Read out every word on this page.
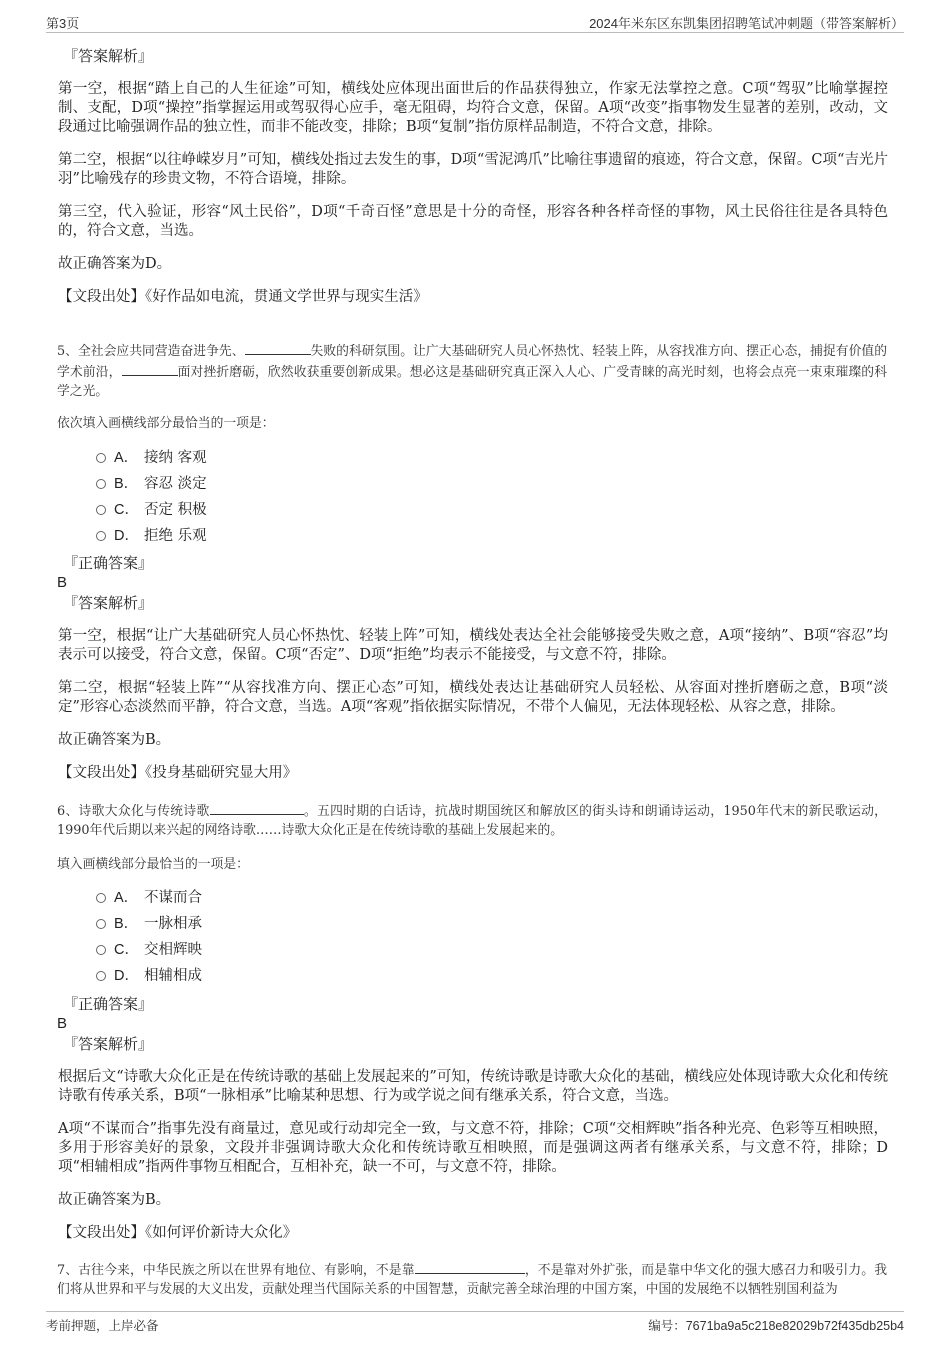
第3页	2024年米东区东凯集团招聘笔试冲刺题（带答案解析）
『答案解析』
第一空，根据“踏上自己的人生征途”可知，横线处应体现出面世后的作品获得独立，作家无法掌控之意。C项“驾驭”比喻掌握控制、支配，D项“操控”指掌握运用或驾驭得心应手，毫无阻碍，均符合文意，保留。A项“改变”指事物发生显著的差别，改动，文段通过比喻强调作品的独立性，而非不能改变，排除；B项“复制”指仿原样品制造，不符合文意，排除。
第二空，根据“以往峥嵘岁月”可知，横线处指过去发生的事，D项“雪泥鸿爪”比喻往事遗留的痕迹，符合文意，保留。C项“吉光片羽”比喻残存的珍贵文物，不符合语境，排除。
第三空，代入验证，形容“风土民俗”，D项“千奇百怪”意思是十分的奇怪，形容各种各样奇怪的事物，风土民俗往往是各具特色的，符合文意，当选。
故正确答案为D。
【文段出处】《好作品如电流，贯通文学世界与现实生活》
5、全社会应共同营造奋进争先、	失败的科研氛围。让广大基础研究人员心怀热忱、轻装上阵，从容找准方向、摆正心态，捕捉有价值的学术前沿，	面对挫折磨砺，欣然收获重要创新成果。想必这是基础研究真正深入人心、广受青睐的高光时刻，也将会点亮一束束璀璨的科学之光。
依次填入画横线部分最恰当的一项是：
A． 接纳 客观
B． 容忍 淡定
C． 否定 积极
D． 拒绝 乐观
『正确答案』
B
『答案解析』
第一空，根据“让广大基础研究人员心怀热忱、轻装上阵”可知，横线处表达全社会能够接受失败之意，A项“接纳”、B项“容忍”均表示可以接受，符合文意，保留。C项“否定”、D项“拒绝”均表示不能接受，与文意不符，排除。
第二空，根据“轻装上阵”“从容找准方向、摆正心态”可知，横线处表达让基础研究人员轻松、从容面对挫折磨砺之意，B项“淡定”形容心态淡然而平静，符合文意，当选。A项“客观”指依据实际情况，不带个人偏见，无法体现轻松、从容之意，排除。
故正确答案为B。
【文段出处】《投身基础研究显大用》
6、诗歌大众化与传统诗歌	。五四时期的白话诗，抗战时期国统区和解放区的街头诗和朗诵诗运动，1950年代末的新民歌运动，1990年代后期以来兴起的网络诗歌……诗歌大众化正是在传统诗歌的基础上发展起来的。
填入画横线部分最恰当的一项是：
A． 不谋而合
B． 一脉相承
C． 交相辉映
D． 相辅相成
『正确答案』
B
『答案解析』
根据后文“诗歌大众化正是在传统诗歌的基础上发展起来的”可知，传统诗歌是诗歌大众化的基础，横线应处体现诗歌大众化和传统诗歌有传承关系，B项“一脉相承”比喻某种思想、行为或学说之间有继承关系，符合文意，当选。
A项“不谋而合”指事先没有商量过，意见或行动却完全一致，与文意不符，排除；C项“交相辉映”指各种光亮、色彩等互相映照，多用于形容美好的景象，文段并非强调诗歌大众化和传统诗歌互相映照，而是强调这两者有继承关系，与文意不符，排除；D项“相辅相成”指两件事物互相配合，互相补充，缺一不可，与文意不符，排除。
故正确答案为B。
【文段出处】《如何评价新诗大众化》
7、古往今来，中华民族之所以在世界有地位、有影响，不是靠	，不是靠对外扩张，而是靠中华文化的强大感召力和吸引力。我们将从世界和平与发展的大义出发，贡献处理当代国际关系的中国智慧，贡献完善全球治理的中国方案，中国的发展绝不以牺牲别国利益为
考前押题，上岸必备	编号：7671ba9a5c218e82029b72f435db25b4
